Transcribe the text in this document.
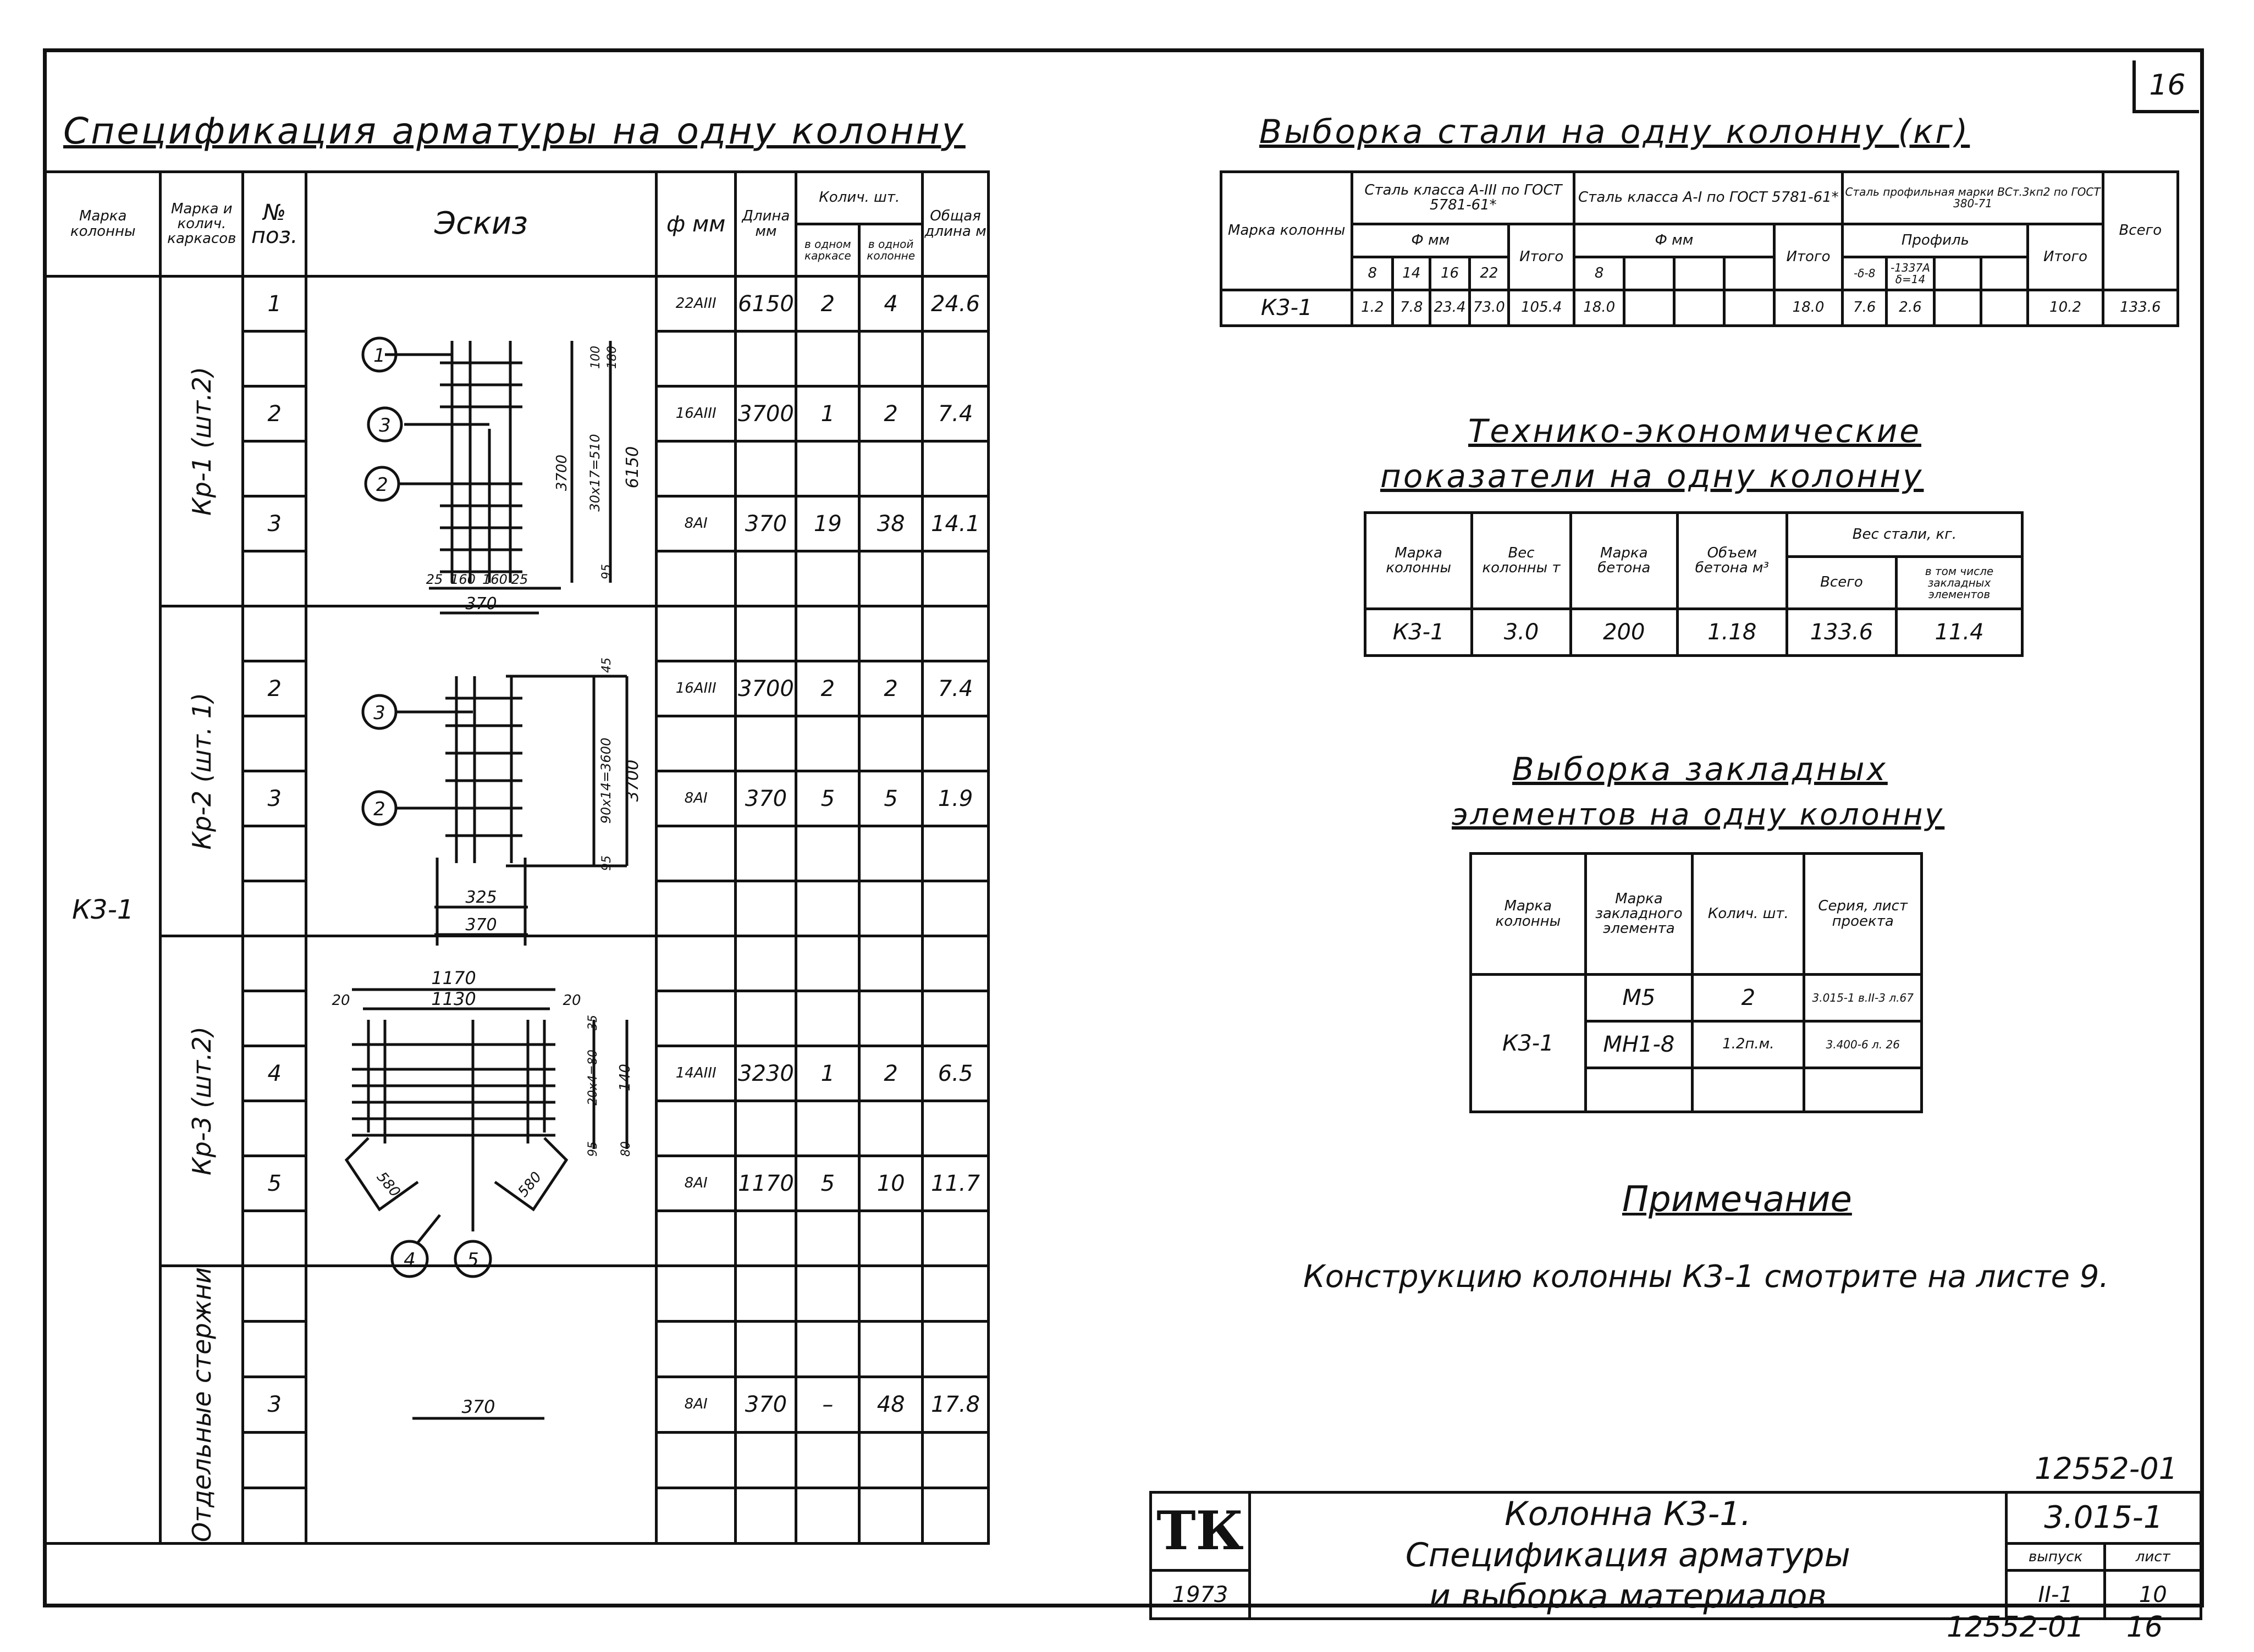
16
Спецификация арматуры на одну колонну
Марка колонны	Марка и колич. каркасов	№ поз.	Эскиз	ф мм	Длина мм	Колич. шт.		Общая длина м
						в одном каркасе	в одной колонне	
К3-1	Кр-1 (шт.2)	1		22АIII	6150	2	4	24.6

		2		16АIII	3700	1	2	7.4

		3		8АI	370	19	38	14.1

	Кр-2 (шт. 1)							

		2		16АIII	3700	2	2	7.4

		3		8АI	370	5	5	1.9

	Кр-3 (шт.2)							

		4		14АIII	3230	1	2	6.5

		5		8АI	1170	5	10	11.7

	Отдельные стержни							

		3		8АI	370	–	48	17.8

1
3
2
3
2
4	5
6150
3700 30х17=510
95
100 180
25 160 160 25
370
3700
90х14=3600
95
45
325
370
1170
1130
20	20
20х4=80 140
35
95 80
580	580
370
Выборка стали на одну колонну (кг)
Марка колонны	Сталь класса А-III по ГОСТ 5781-61*					Сталь класса А-I по ГОСТ 5781-61*					Сталь профильная марки ВСт.3кп2 по ГОСТ 380-71					Всего
	Ф мм				Итого	Ф мм				Итого	Профиль				Итого	
	8	14	16	22		8					-δ-8	-1337А δ=14				
К3-1	1.2	7.8	23.4	73.0	105.4	18.0				18.0	7.6	2.6			10.2	133.6
Технико-экономические
показатели на одну колонну
Марка колонны	Вес колонны т	Марка бетона	Объем бетона м³	Вес стали, кг.	
				Всего	в том числе закладных элементов
К3-1	3.0	200	1.18	133.6	11.4
Выборка закладных
элементов на одну колонну
Марка колонны	Марка закладного элемента	Колич. шт.	Серия, лист проекта
К3-1	М5	2	3.015-1 в.II-3 л.67
	МН1-8	1.2п.м.	3.400-6 л. 26

Примечание
Конструкцию колонны К3-1 смотрите на листе 9.
12552-01
ТК	Колонна К3-1.
Спецификация арматуры
и выборка материалов	3.015-1	
		выпуск	лист
1973		II-1	10
12552-01 16
